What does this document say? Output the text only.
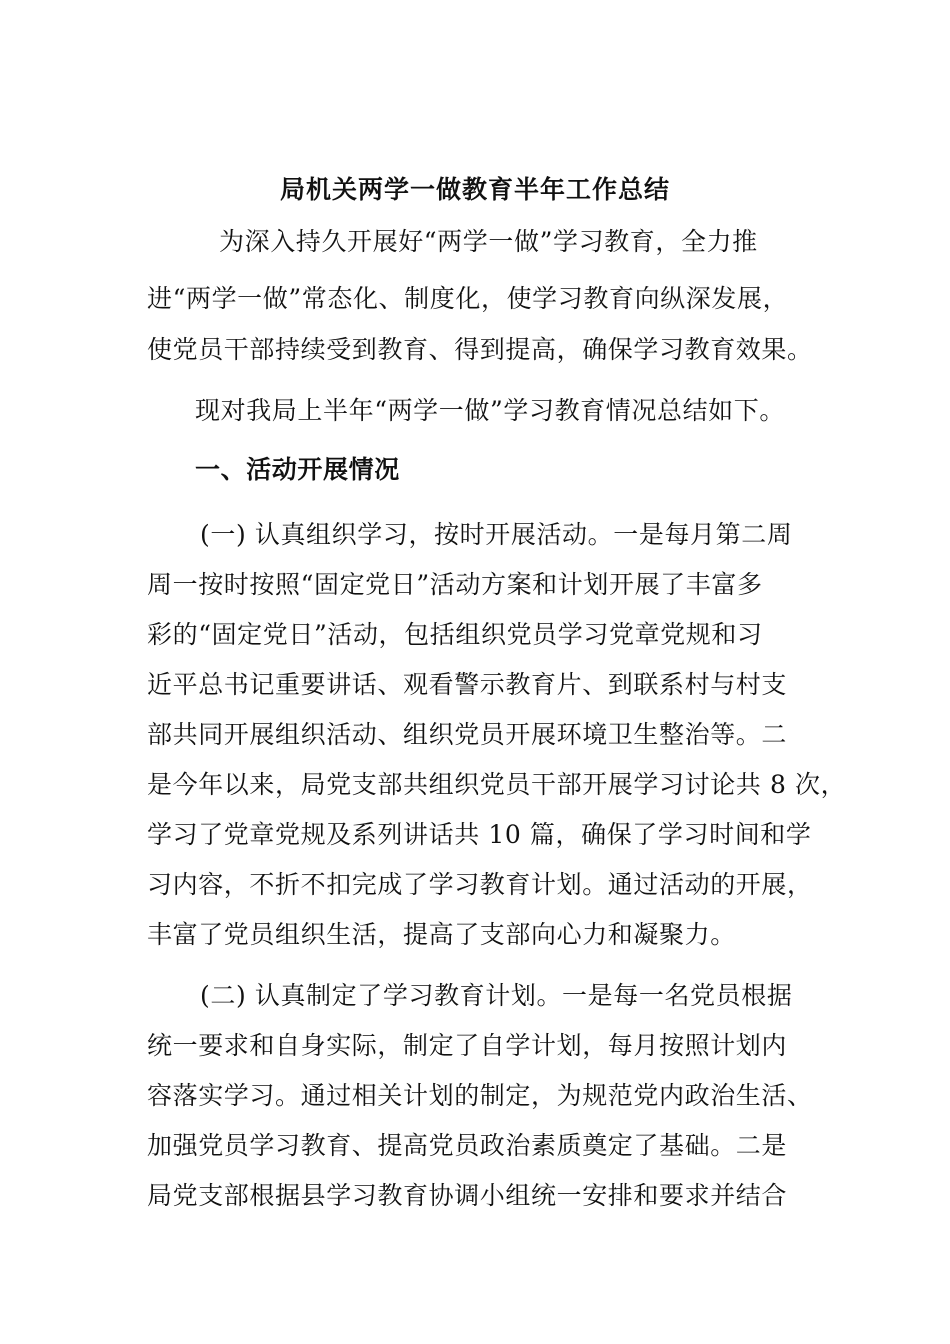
局机关两学一做教育半年工作总结
为深入持久开展好“两学一做”学习教育，全力推
进“两学一做”常态化、制度化，使学习教育向纵深发展，
使党员干部持续受到教育、得到提高，确保学习教育效果。
现对我局上半年“两学一做”学习教育情况总结如下。
一、活动开展情况
(一) 认真组织学习，按时开展活动。一是每月第二周
周一按时按照“固定党日”活动方案和计划开展了丰富多
彩的“固定党日”活动，包括组织党员学习党章党规和习
近平总书记重要讲话、观看警示教育片、到联系村与村支
部共同开展组织活动、组织党员开展环境卫生整治等。二
是今年以来，局党支部共组织党员干部开展学习讨论共 8 次，
学习了党章党规及系列讲话共 10 篇，确保了学习时间和学
习内容，不折不扣完成了学习教育计划。通过活动的开展，
丰富了党员组织生活，提高了支部向心力和凝聚力。
(二) 认真制定了学习教育计划。一是每一名党员根据
统一要求和自身实际，制定了自学计划，每月按照计划内
容落实学习。通过相关计划的制定，为规范党内政治生活、
加强党员学习教育、提高党员政治素质奠定了基础。二是
局党支部根据县学习教育协调小组统一安排和要求并结合
